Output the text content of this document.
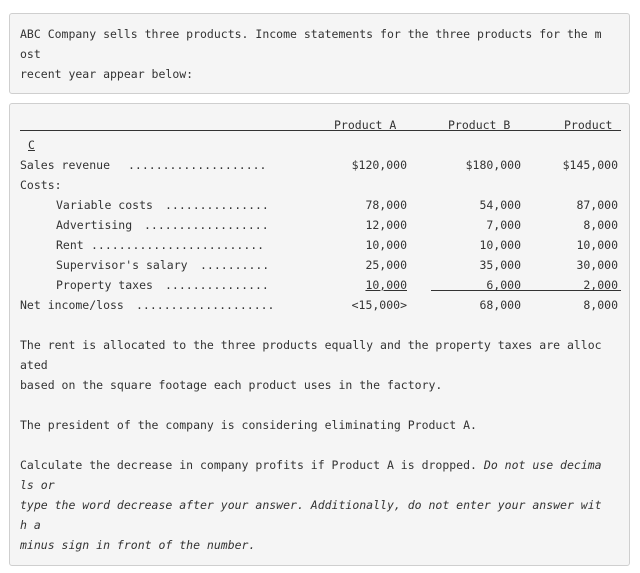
ABC Company sells three products. Income statements for the three products for the m
ost
recent year appear below:
Product A	Product B	Product
C
Sales revenue ....................	$120,000	$180,000	$145,000
Costs:
Variable costs ...............	78,000	54,000	87,000
Advertising ..................	12,000	7,000	8,000
Rent .........................	10,000	10,000	10,000
Supervisor's salary ..........	25,000	35,000	30,000
Property taxes ...............	10,000	6,000	2,000
Net income/loss ....................	<15,000>	68,000	8,000
The rent is allocated to the three products equally and the property taxes are alloc
ated
based on the square footage each product uses in the factory.
The president of the company is considering eliminating Product A.
Calculate the decrease in company profits if Product A is dropped. Do not use decima
ls or
type the word decrease after your answer. Additionally, do not enter your answer wit
h a
minus sign in front of the number.
